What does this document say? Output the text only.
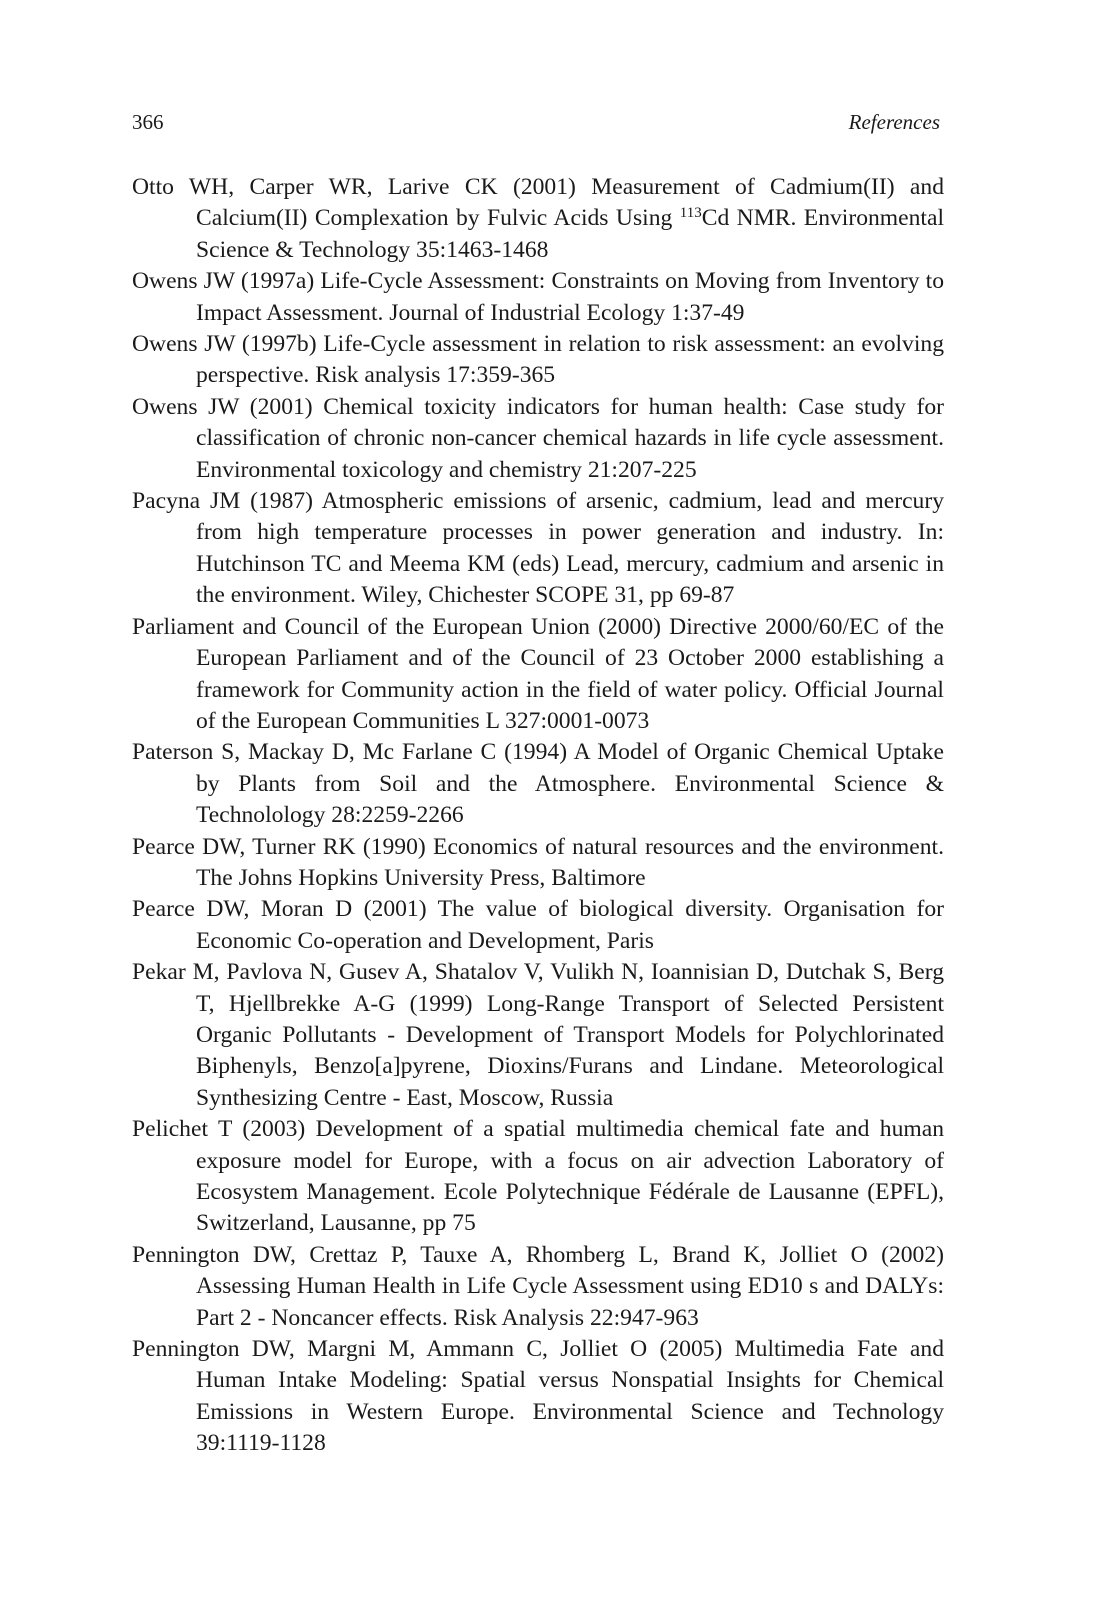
366	References
Otto WH, Carper WR, Larive CK (2001) Measurement of Cadmium(II) and Calcium(II) Complexation by Fulvic Acids Using $^{113}$Cd NMR. Environmental Science & Technology 35:1463-1468
Owens JW (1997a) Life-Cycle Assessment: Constraints on Moving from Inventory to Impact Assessment. Journal of Industrial Ecology 1:37-49
Owens JW (1997b) Life-Cycle assessment in relation to risk assessment: an evolving perspective. Risk analysis 17:359-365
Owens JW (2001) Chemical toxicity indicators for human health: Case study for classification of chronic non-cancer chemical hazards in life cycle assessment. Environmental toxicology and chemistry 21:207-225
Pacyna JM (1987) Atmospheric emissions of arsenic, cadmium, lead and mercury from high temperature processes in power generation and industry. In: Hutchinson TC and Meema KM (eds) Lead, mercury, cadmium and arsenic in the environment. Wiley, Chichester SCOPE 31, pp 69-87
Parliament and Council of the European Union (2000) Directive 2000/60/EC of the European Parliament and of the Council of 23 October 2000 establishing a framework for Community action in the field of water policy. Official Journal of the European Communities L 327:0001-0073
Paterson S, Mackay D, Mc Farlane C (1994) A Model of Organic Chemical Uptake by Plants from Soil and the Atmosphere. Environmental Science & Technolology 28:2259-2266
Pearce DW, Turner RK (1990) Economics of natural resources and the environment. The Johns Hopkins University Press, Baltimore
Pearce DW, Moran D (2001) The value of biological diversity. Organisation for Economic Co-operation and Development, Paris
Pekar M, Pavlova N, Gusev A, Shatalov V, Vulikh N, Ioannisian D, Dutchak S, Berg T, Hjellbrekke A-G (1999) Long-Range Transport of Selected Persistent Organic Pollutants - Development of Transport Models for Polychlorinated Biphenyls, Benzo[a]pyrene, Dioxins/Furans and Lindane. Meteorological Synthesizing Centre - East, Moscow, Russia
Pelichet T (2003) Development of a spatial multimedia chemical fate and human exposure model for Europe, with a focus on air advection Laboratory of Ecosystem Management. Ecole Polytechnique Fédérale de Lausanne (EPFL), Switzerland, Lausanne, pp 75
Pennington DW, Crettaz P, Tauxe A, Rhomberg L, Brand K, Jolliet O (2002) Assessing Human Health in Life Cycle Assessment using ED10 s and DALYs: Part 2 - Noncancer effects. Risk Analysis 22:947-963
Pennington DW, Margni M, Ammann C, Jolliet O (2005) Multimedia Fate and Human Intake Modeling: Spatial versus Nonspatial Insights for Chemical Emissions in Western Europe. Environmental Science and Technology 39:1119-1128
